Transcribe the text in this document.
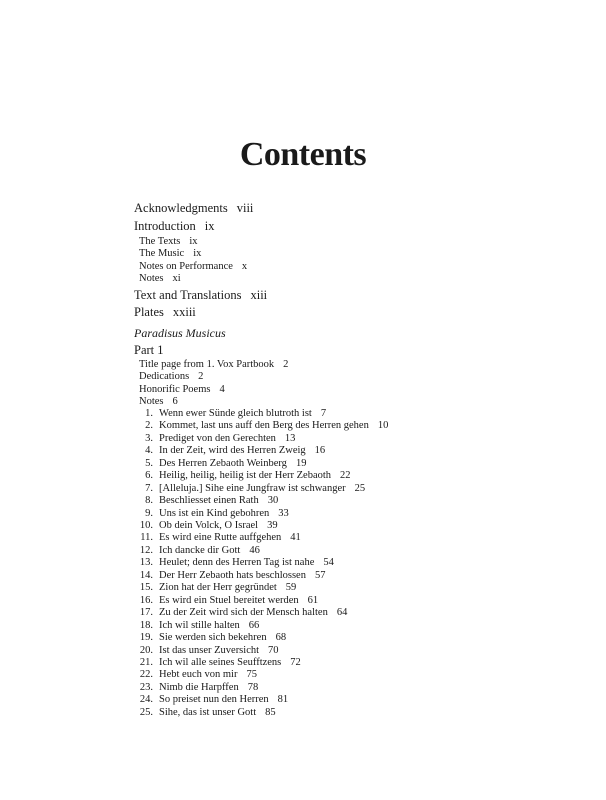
Contents
Acknowledgments viii
Introduction ix
The Texts ix
The Music ix
Notes on Performance x
Notes xi
Text and Translations xiii
Plates xxiii
Paradisus Musicus
Part 1
Title page from 1. Vox Partbook 2
Dedications 2
Honorific Poems 4
Notes 6
1. Wenn ewer Sünde gleich blutroth ist 7
2. Kommet, last uns auff den Berg des Herren gehen 10
3. Prediget von den Gerechten 13
4. In der Zeit, wird des Herren Zweig 16
5. Des Herren Zebaoth Weinberg 19
6. Heilig, heilig, heilig ist der Herr Zebaoth 22
7. [Alleluja.] Sihe eine Jungfraw ist schwanger 25
8. Beschliesset einen Rath 30
9. Uns ist ein Kind gebohren 33
10. Ob dein Volck, O Israel 39
11. Es wird eine Rutte auffgehen 41
12. Ich dancke dir Gott 46
13. Heulet; denn des Herren Tag ist nahe 54
14. Der Herr Zebaoth hats beschlossen 57
15. Zion hat der Herr gegründet 59
16. Es wird ein Stuel bereitet werden 61
17. Zu der Zeit wird sich der Mensch halten 64
18. Ich wil stille halten 66
19. Sie werden sich bekehren 68
20. Ist das unser Zuversicht 70
21. Ich wil alle seines Seufftzens 72
22. Hebt euch von mir 75
23. Nimb die Harpffen 78
24. So preiset nun den Herren 81
25. Sihe, das ist unser Gott 85
